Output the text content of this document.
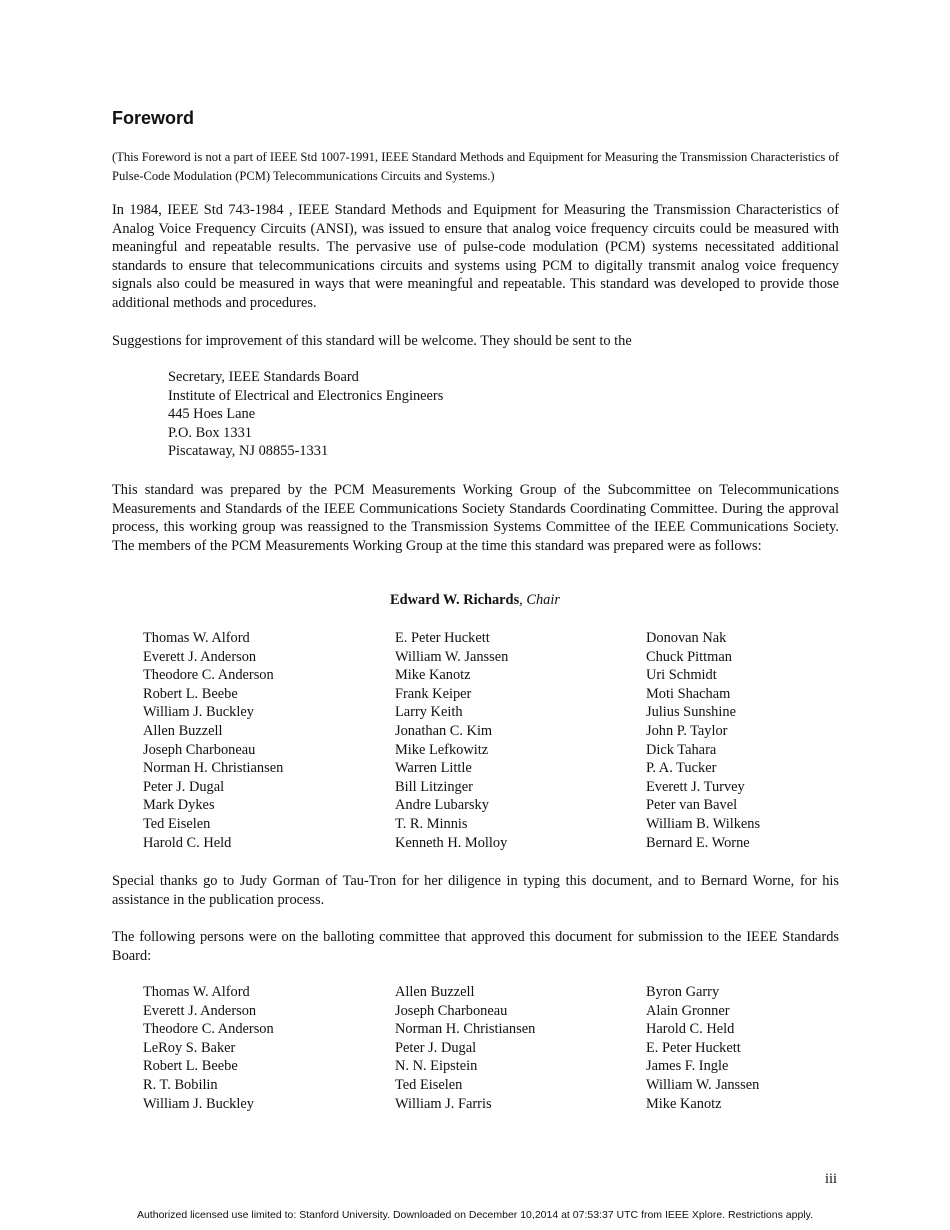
Foreword

(This Foreword is not a part of IEEE Std 1007-1991, IEEE Standard Methods and Equipment for Measuring the Transmission Characteristics of Pulse-Code Modulation (PCM) Telecommunications Circuits and Systems.)

In 1984, IEEE Std 743-1984 , IEEE Standard Methods and Equipment for Measuring the Transmission Characteristics of Analog Voice Frequency Circuits (ANSI), was issued to ensure that analog voice frequency circuits could be measured with meaningful and repeatable results. The pervasive use of pulse-code modulation (PCM) systems necessitated additional standards to ensure that telecommunications circuits and systems using PCM to digitally transmit analog voice frequency signals also could be measured in ways that were meaningful and repeatable. This standard was developed to provide those additional methods and procedures.

Suggestions for improvement of this standard will be welcome. They should be sent to the

Secretary, IEEE Standards Board
Institute of Electrical and Electronics Engineers
445 Hoes Lane
P.O. Box 1331
Piscataway, NJ 08855-1331

This standard was prepared by the PCM Measurements Working Group of the Subcommittee on Telecommunications Measurements and Standards of the IEEE Communications Society Standards Coordinating Committee. During the approval process, this working group was reassigned to the Transmission Systems Committee of the IEEE Communications Society. The members of the PCM Measurements Working Group at the time this standard was prepared were as follows:

Edward W. Richards, Chair
Thomas W. Alford
Everett J. Anderson
Theodore C. Anderson
Robert L. Beebe
William J. Buckley
Allen Buzzell
Joseph Charboneau
Norman H. Christiansen
Peter J. Dugal
Mark Dykes
Ted Eiselen
Harold C. Held
E. Peter Huckett
William W. Janssen
Mike Kanotz
Frank Keiper
Larry Keith
Jonathan C. Kim
Mike Lefkowitz
Warren Little
Bill Litzinger
Andre Lubarsky
T. R. Minnis
Kenneth H. Molloy
Donovan Nak
Chuck Pittman
Uri Schmidt
Moti Shacham
Julius Sunshine
John P. Taylor
Dick Tahara
P. A. Tucker
Everett J. Turvey
Peter van Bavel
William B. Wilkens
Bernard E. Worne

Special thanks go to Judy Gorman of Tau-Tron for her diligence in typing this document, and to Bernard Worne, for his assistance in the publication process.

The following persons were on the balloting committee that approved this document for submission to the IEEE Standards Board:

Thomas W. Alford
Everett J. Anderson
Theodore C. Anderson
LeRoy S. Baker
Robert L. Beebe
R. T. Bobilin
William J. Buckley
Allen Buzzell
Joseph Charboneau
Norman H. Christiansen
Peter J. Dugal
N. N. Eipstein
Ted Eiselen
William J. Farris
Byron Garry
Alain Gronner
Harold C. Held
E. Peter Huckett
James F. Ingle
William W. Janssen
Mike Kanotz
iii
Authorized licensed use limited to: Stanford University. Downloaded on December 10,2014 at 07:53:37 UTC from IEEE Xplore. Restrictions apply.
